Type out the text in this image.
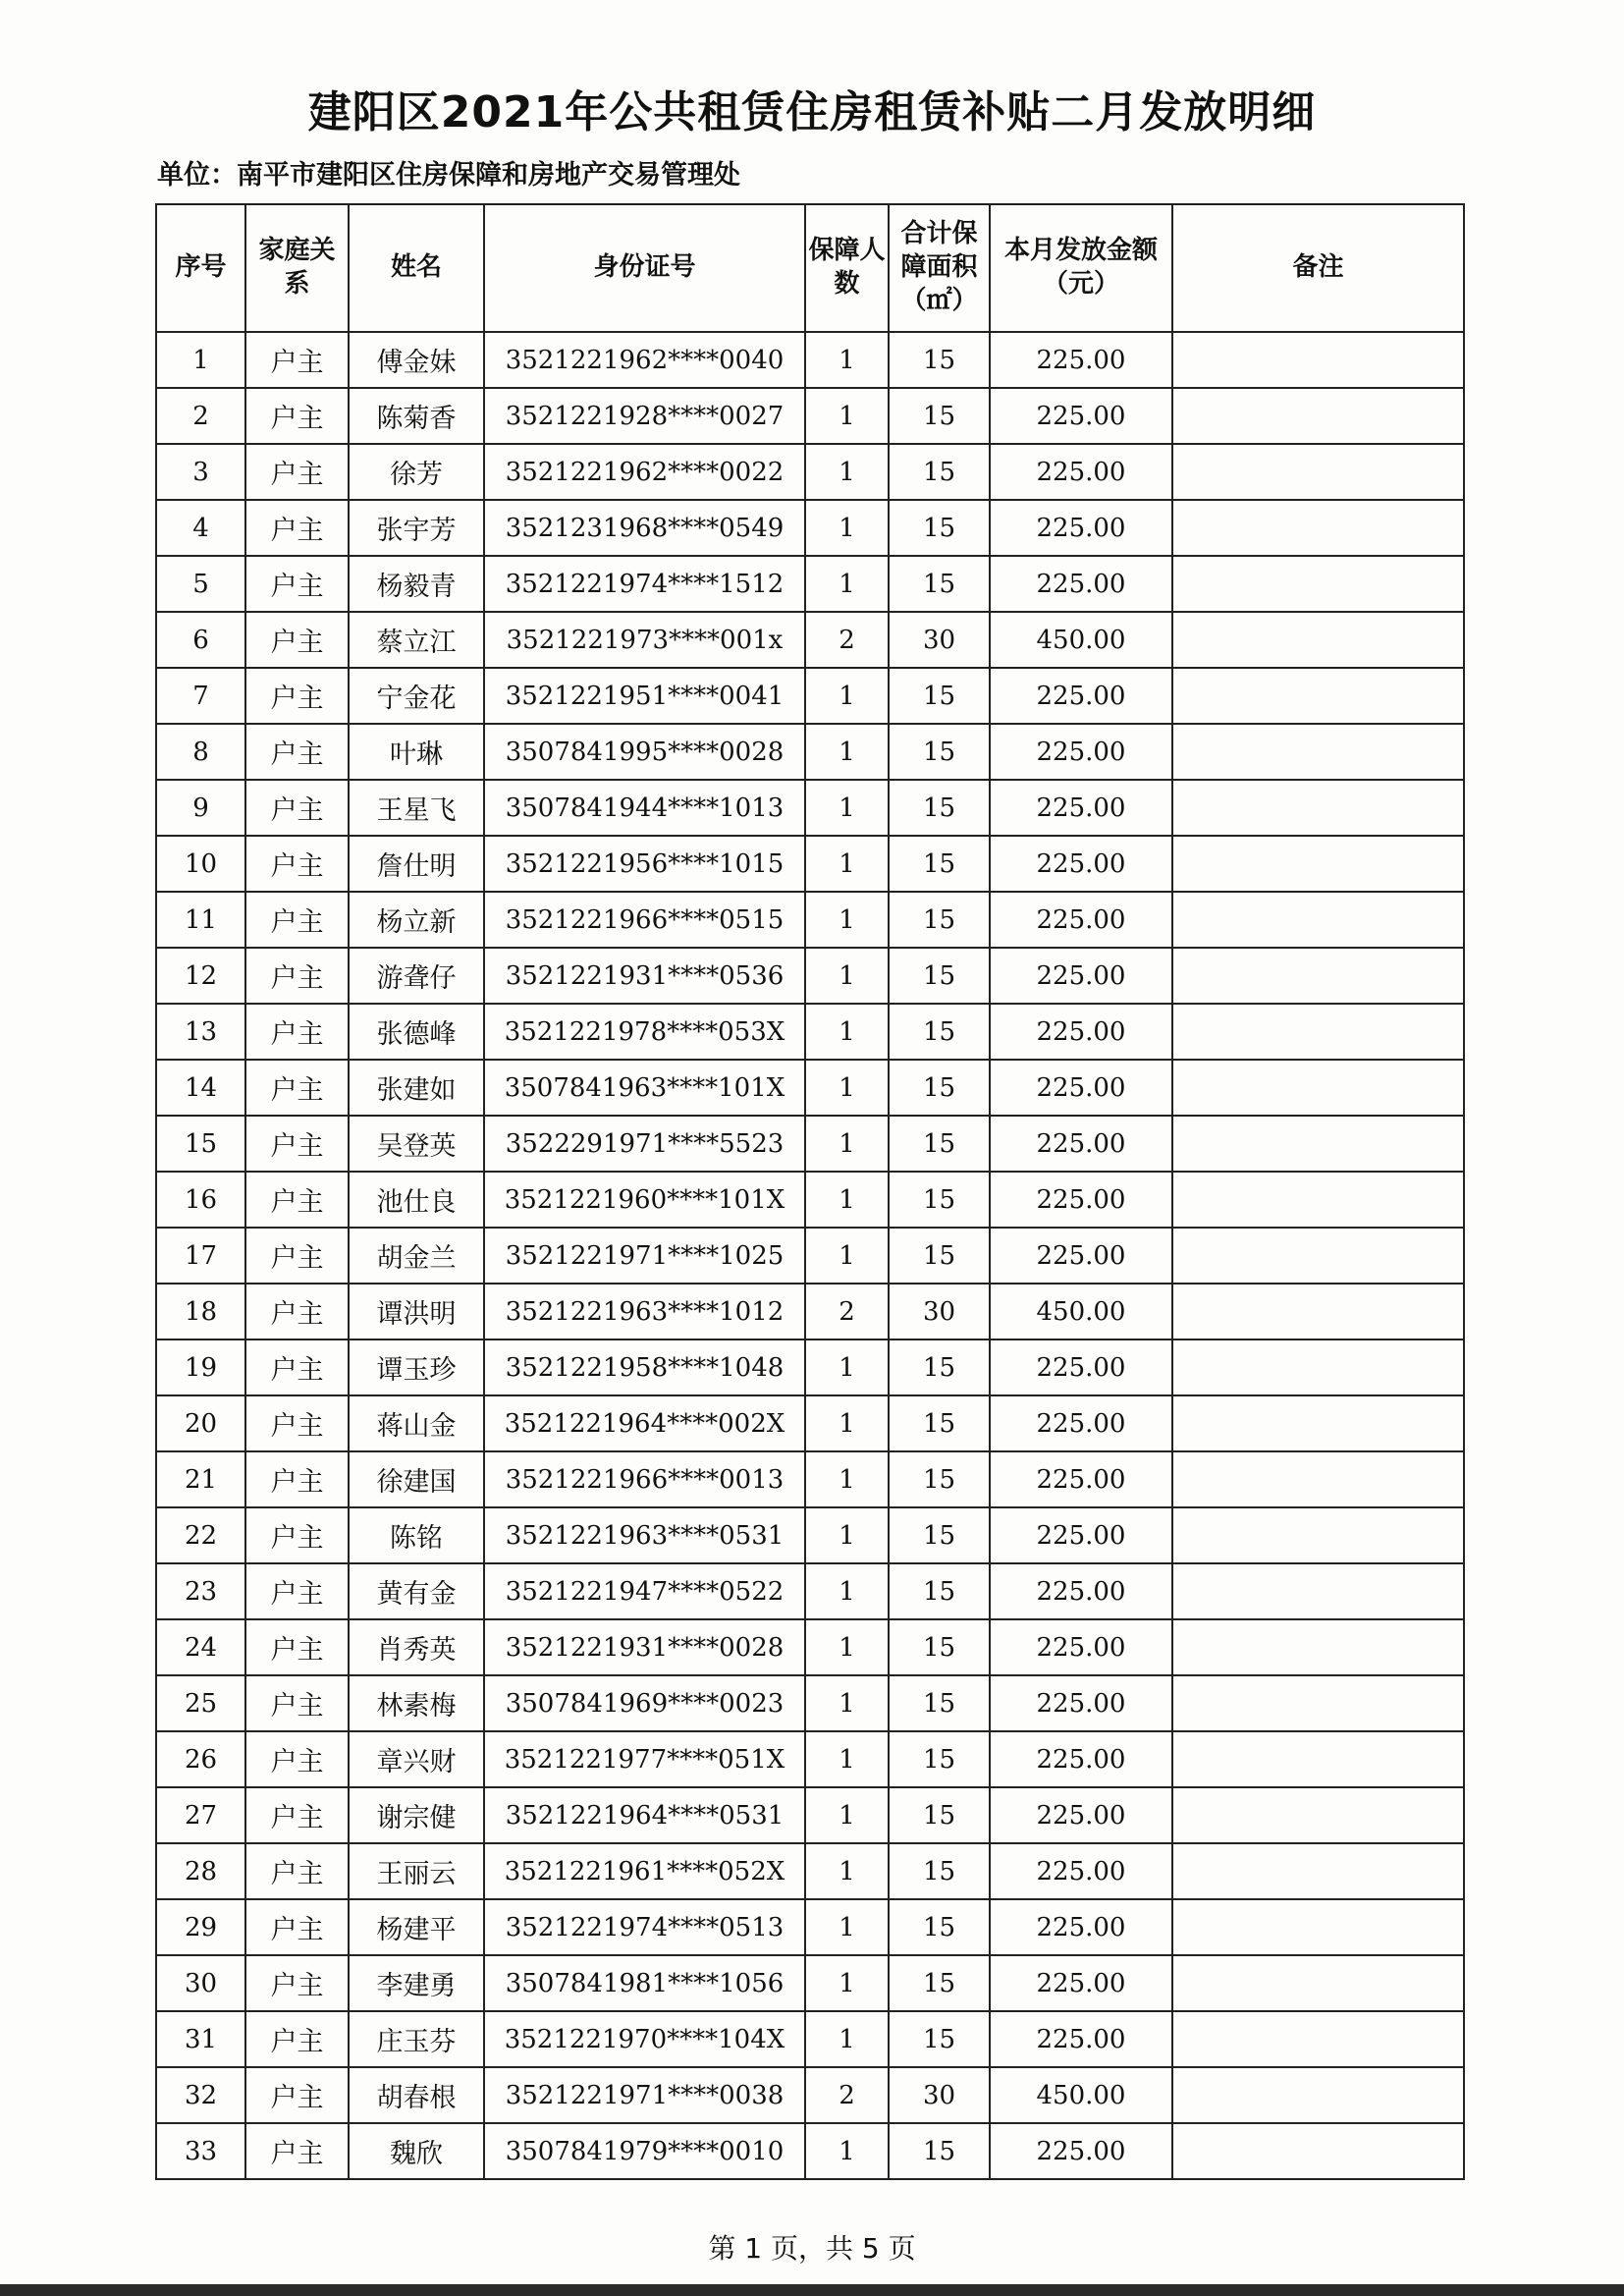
建阳区2021年公共租赁住房租赁补贴二月发放明细
单位：南平市建阳区住房保障和房地产交易管理处
序号	家庭关系	姓名	身份证号	保障人数	合计保障面积（㎡）	本月发放金额（元）	备注
1	户主	傅金妹	3521221962****0040	1	15	225.00	
2	户主	陈菊香	3521221928****0027	1	15	225.00	
3	户主	徐芳	3521221962****0022	1	15	225.00	
4	户主	张宇芳	3521231968****0549	1	15	225.00	
5	户主	杨毅青	3521221974****1512	1	15	225.00	
6	户主	蔡立江	3521221973****001x	2	30	450.00	
7	户主	宁金花	3521221951****0041	1	15	225.00	
8	户主	叶琳	3507841995****0028	1	15	225.00	
9	户主	王星飞	3507841944****1013	1	15	225.00	
10	户主	詹仕明	3521221956****1015	1	15	225.00	
11	户主	杨立新	3521221966****0515	1	15	225.00	
12	户主	游聋仔	3521221931****0536	1	15	225.00	
13	户主	张德峰	3521221978****053X	1	15	225.00	
14	户主	张建如	3507841963****101X	1	15	225.00	
15	户主	吴登英	3522291971****5523	1	15	225.00	
16	户主	池仕良	3521221960****101X	1	15	225.00	
17	户主	胡金兰	3521221971****1025	1	15	225.00	
18	户主	谭洪明	3521221963****1012	2	30	450.00	
19	户主	谭玉珍	3521221958****1048	1	15	225.00	
20	户主	蒋山金	3521221964****002X	1	15	225.00	
21	户主	徐建国	3521221966****0013	1	15	225.00	
22	户主	陈铭	3521221963****0531	1	15	225.00	
23	户主	黄有金	3521221947****0522	1	15	225.00	
24	户主	肖秀英	3521221931****0028	1	15	225.00	
25	户主	林素梅	3507841969****0023	1	15	225.00	
26	户主	章兴财	3521221977****051X	1	15	225.00	
27	户主	谢宗健	3521221964****0531	1	15	225.00	
28	户主	王丽云	3521221961****052X	1	15	225.00	
29	户主	杨建平	3521221974****0513	1	15	225.00	
30	户主	李建勇	3507841981****1056	1	15	225.00	
31	户主	庄玉芬	3521221970****104X	1	15	225.00	
32	户主	胡春根	3521221971****0038	2	30	450.00	
33	户主	魏欣	3507841979****0010	1	15	225.00	
第 1 页，共 5 页
